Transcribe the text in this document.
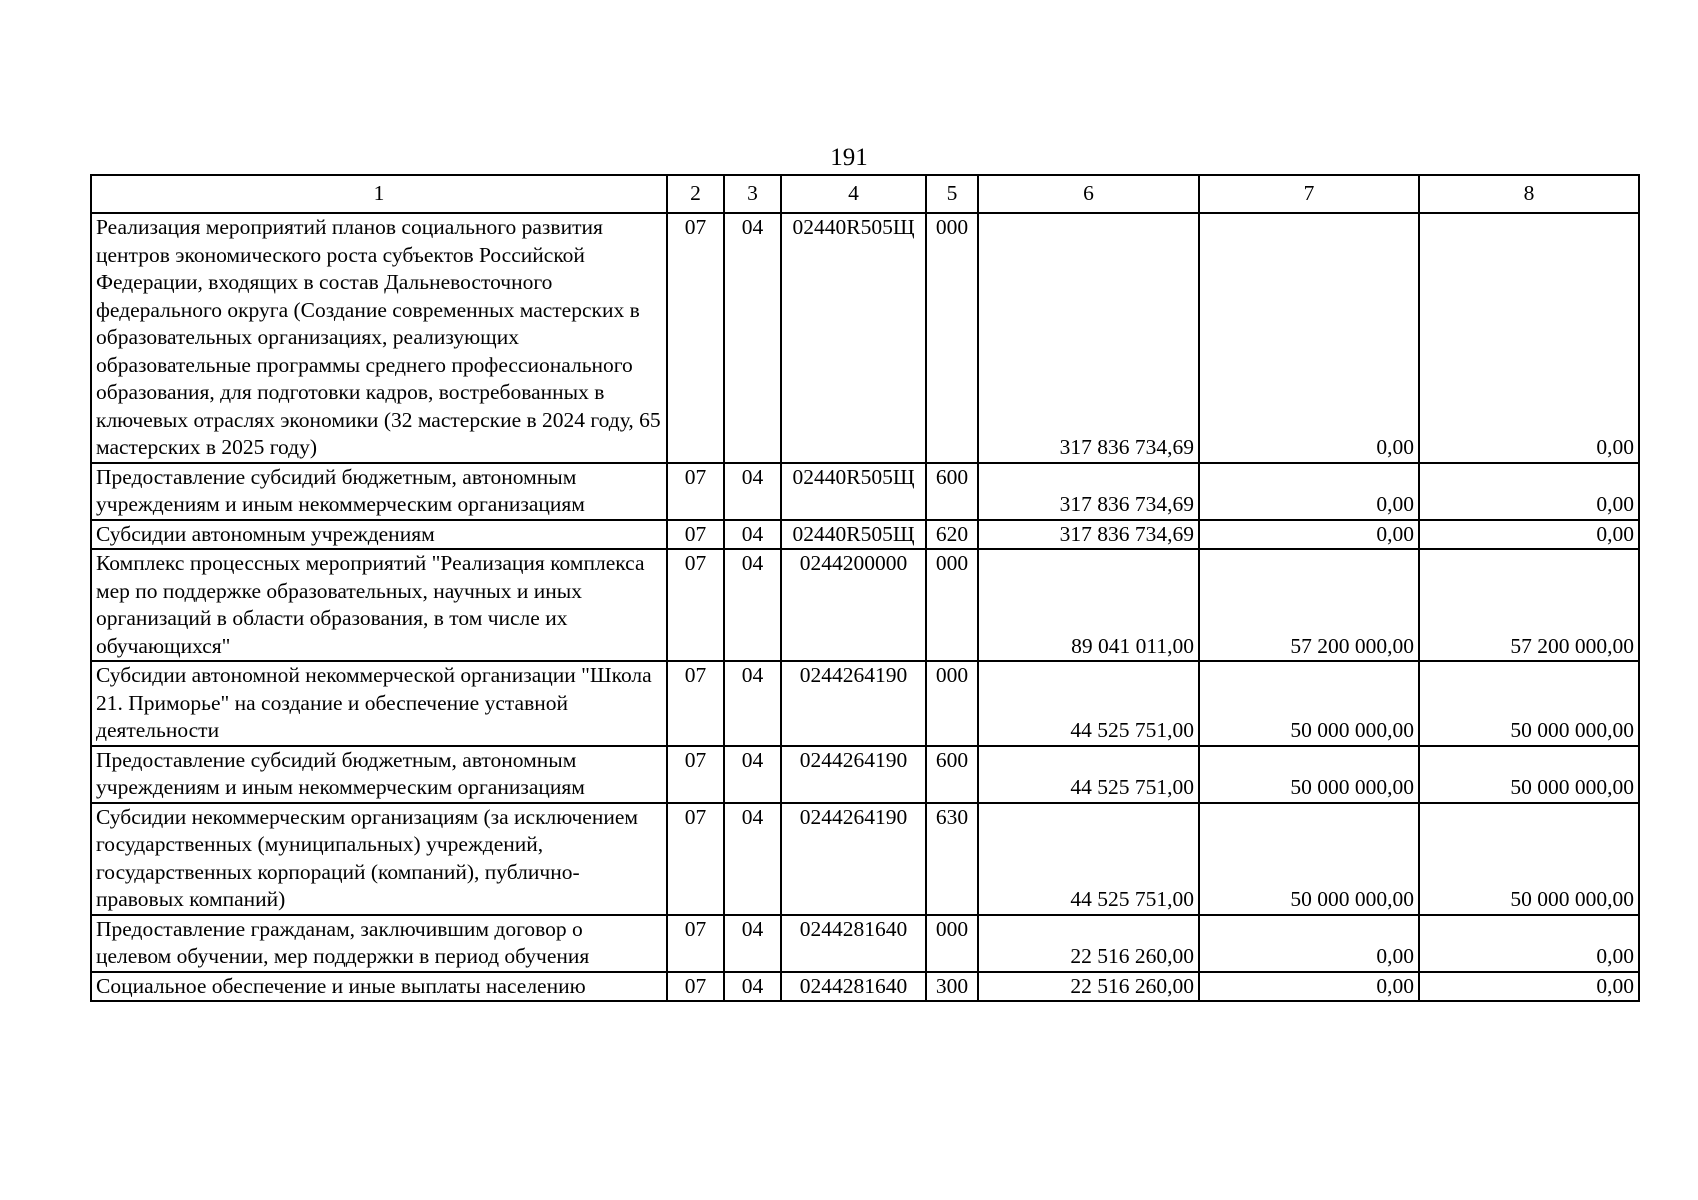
191
1	2	3	4	5	6	7	8
Реализация мероприятий планов социального развития центров экономического роста субъектов Российской Федерации, входящих в состав Дальневосточного федерального округа (Создание современных мастерских в образовательных организациях, реализующих образовательные программы среднего профессионального образования, для подготовки кадров, востребованных в ключевых отраслях экономики (32 мастерские в 2024 году, 65 мастерских в 2025 году)	07	04	02440R505Щ	000	317 836 734,69	0,00	0,00
Предоставление субсидий бюджетным, автономным учреждениям и иным некоммерческим организациям	07	04	02440R505Щ	600	317 836 734,69	0,00	0,00
Субсидии автономным учреждениям	07	04	02440R505Щ	620	317 836 734,69	0,00	0,00
Комплекс процессных мероприятий "Реализация комплекса мер по поддержке образовательных, научных и иных организаций в области образования, в том числе их обучающихся"	07	04	0244200000	000	89 041 011,00	57 200 000,00	57 200 000,00
Субсидии автономной некоммерческой организации "Школа 21. Приморье" на создание и обеспечение уставной деятельности	07	04	0244264190	000	44 525 751,00	50 000 000,00	50 000 000,00
Предоставление субсидий бюджетным, автономным учреждениям и иным некоммерческим организациям	07	04	0244264190	600	44 525 751,00	50 000 000,00	50 000 000,00
Субсидии некоммерческим организациям (за исключением государственных (муниципальных) учреждений, государственных корпораций (компаний), публично-правовых компаний)	07	04	0244264190	630	44 525 751,00	50 000 000,00	50 000 000,00
Предоставление гражданам, заключившим договор о целевом обучении, мер поддержки в период обучения	07	04	0244281640	000	22 516 260,00	0,00	0,00
Социальное обеспечение и иные выплаты населению	07	04	0244281640	300	22 516 260,00	0,00	0,00
